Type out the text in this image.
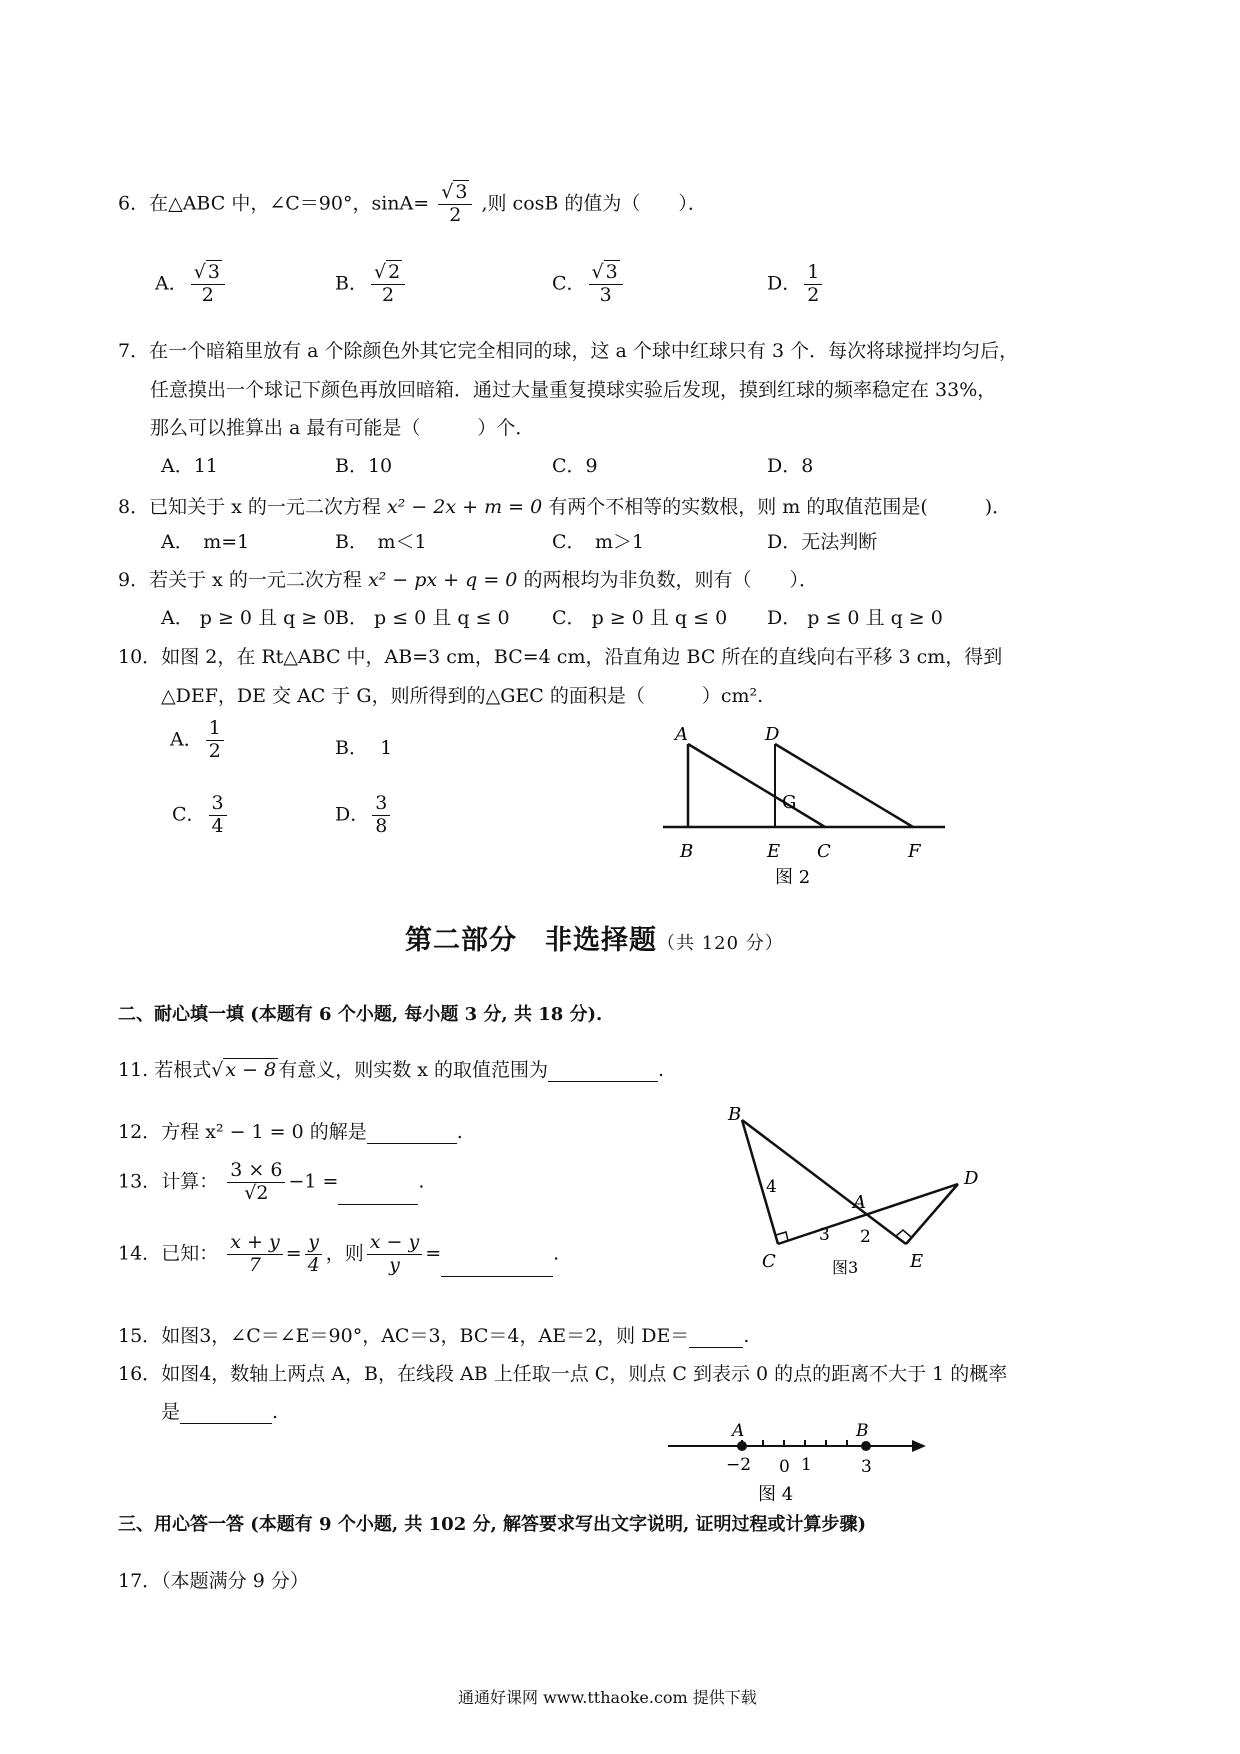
6．在△ABC 中，∠C＝90°，$\sin A= \frac{√ 3}{2}$ ,则 cosB 的值为（　　）．
A． $\frac{√ 3}{2}$	B． $\frac{√ 2}{2}$	C． $\frac{√ 3}{3}$	D． $\frac{1}{2}$
7．在一个暗箱里放有 a 个除颜色外其它完全相同的球，这 a 个球中红球只有 3 个．每次将球搅拌均匀后，
任意摸出一个球记下颜色再放回暗箱．通过大量重复摸球实验后发现，摸到红球的频率稳定在 33%，
那么可以推算出 a 最有可能是（　　　）个．
A．11	B．10	C．9	D．8
8．已知关于 x 的一元二次方程 x² − 2x + m = 0 有两个不相等的实数根，则 m 的取值范围是(　　　)．
A．　m=1	B．　m＜1	C．　m＞1	D．无法判断
9．若关于 x 的一元二次方程 x² − px + q = 0 的两根均为非负数，则有（　　）．
A． p ≥ 0 且 q ≥ 0 B． p ≤ 0 且 q ≤ 0 C． p ≥ 0 且 q ≤ 0 D． p ≤ 0 且 q ≥ 0
10．如图 2，在 Rt△ABC 中，AB=3 cm，BC=4 cm，沿直角边 BC 所在的直线向右平移 3 cm，得到
△DEF，DE 交 AC 于 G，则所得到的△GEC 的面积是（　　　）cm².
A． $\frac{1}{2}$	B． 1
C． $\frac{3}{4}$	D． $\frac{3}{8}$
A	D
G
B	E C	F
图 2
第二部分　非选择题（共 120 分）
二、耐心填一填 (本题有 6 个小题, 每小题 3 分, 共 18 分).
11. 若根式√ x − 8 有意义，则实数 x 的取值范围为	.
12．方程 x² − 1 = 0 的解是	.
13．计算： $\frac{3 \times 6}{√2} -1$ =	.
14．已知： $\frac{x + y}{7} = \frac{y}{4}$ ，则 $\frac{x - y}{y}$ =	.
B
4	D
A
3 2
C	E
图3
15．如图3，∠C＝∠E＝90°，AC＝3，BC＝4，AE＝2，则 DE＝	.
16．如图4，数轴上两点 A，B，在线段 AB 上任取一点 C，则点 C 到表示 0 的点的距离不大于 1 的概率
是	.
A	B
−2 0 1	3
图 4
三、用心答一答 (本题有 9 个小题, 共 102 分, 解答要求写出文字说明, 证明过程或计算步骤)
17．（本题满分 9 分）
通通好课网 www.tthaoke.com 提供下载
